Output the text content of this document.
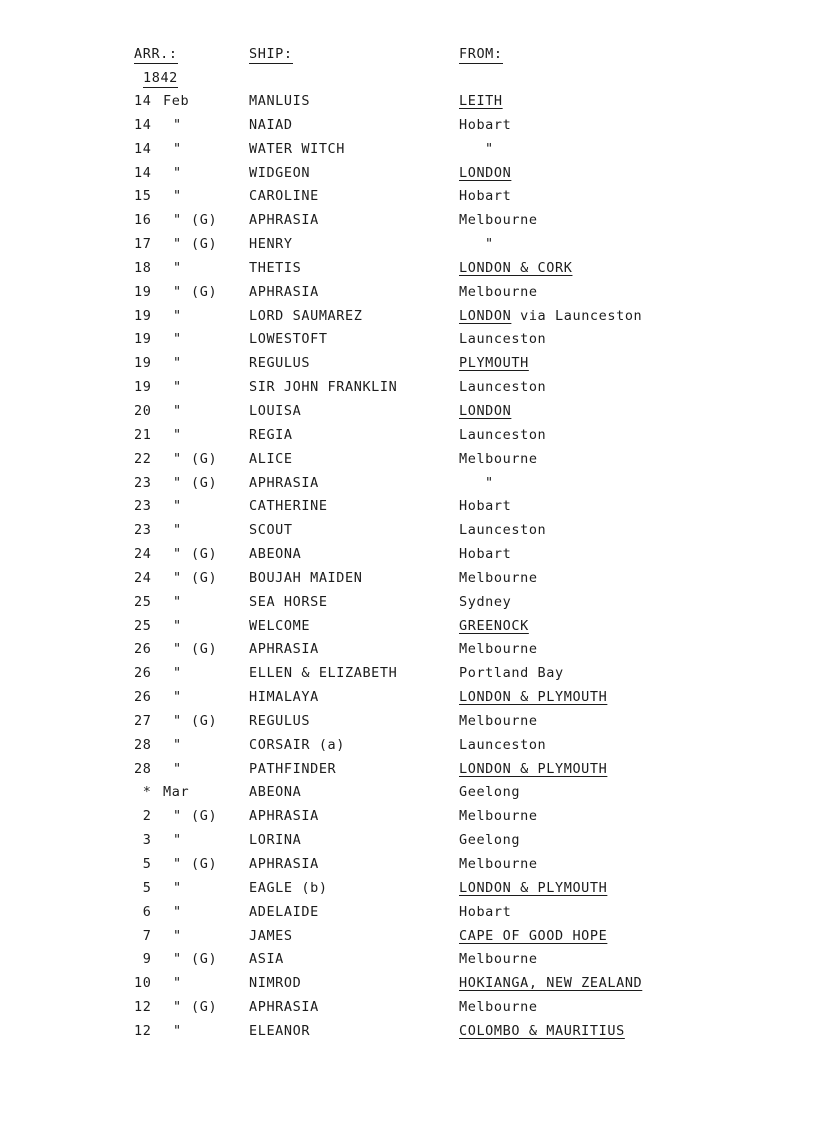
ARR.:	SHIP:	FROM:
1842
14 Feb	MANLUIS	LEITH
14	"	NAIAD	Hobart
14	"	WATER WITCH	"
14	"	WIDGEON	LONDON
15	"	CAROLINE	Hobart
16	" (G)	APHRASIA	Melbourne
17	" (G)	HENRY	"
18	"	THETIS	LONDON & CORK
19	" (G)	APHRASIA	Melbourne
19	"	LORD SAUMAREZ	LONDON via Launceston
19	"	LOWESTOFT	Launceston
19	"	REGULUS	PLYMOUTH
19	"	SIR JOHN FRANKLIN	Launceston
20	"	LOUISA	LONDON
21	"	REGIA	Launceston
22	" (G)	ALICE	Melbourne
23	" (G)	APHRASIA	"
23	"	CATHERINE	Hobart
23	"	SCOUT	Launceston
24	" (G)	ABEONA	Hobart
24	" (G)	BOUJAH MAIDEN	Melbourne
25	"	SEA HORSE	Sydney
25	"	WELCOME	GREENOCK
26	" (G)	APHRASIA	Melbourne
26	"	ELLEN & ELIZABETH	Portland Bay
26	"	HIMALAYA	LONDON & PLYMOUTH
27	" (G)	REGULUS	Melbourne
28	"	CORSAIR (a)	Launceston
28	"	PATHFINDER	LONDON & PLYMOUTH
* Mar	ABEONA	Geelong
2	" (G)	APHRASIA	Melbourne
3	"	LORINA	Geelong
5	" (G)	APHRASIA	Melbourne
5	"	EAGLE (b)	LONDON & PLYMOUTH
6	"	ADELAIDE	Hobart
7	"	JAMES	CAPE OF GOOD HOPE
9	" (G)	ASIA	Melbourne
10	"	NIMROD	HOKIANGA, NEW ZEALAND
12	" (G)	APHRASIA	Melbourne
12	"	ELEANOR	COLOMBO & MAURITIUS
